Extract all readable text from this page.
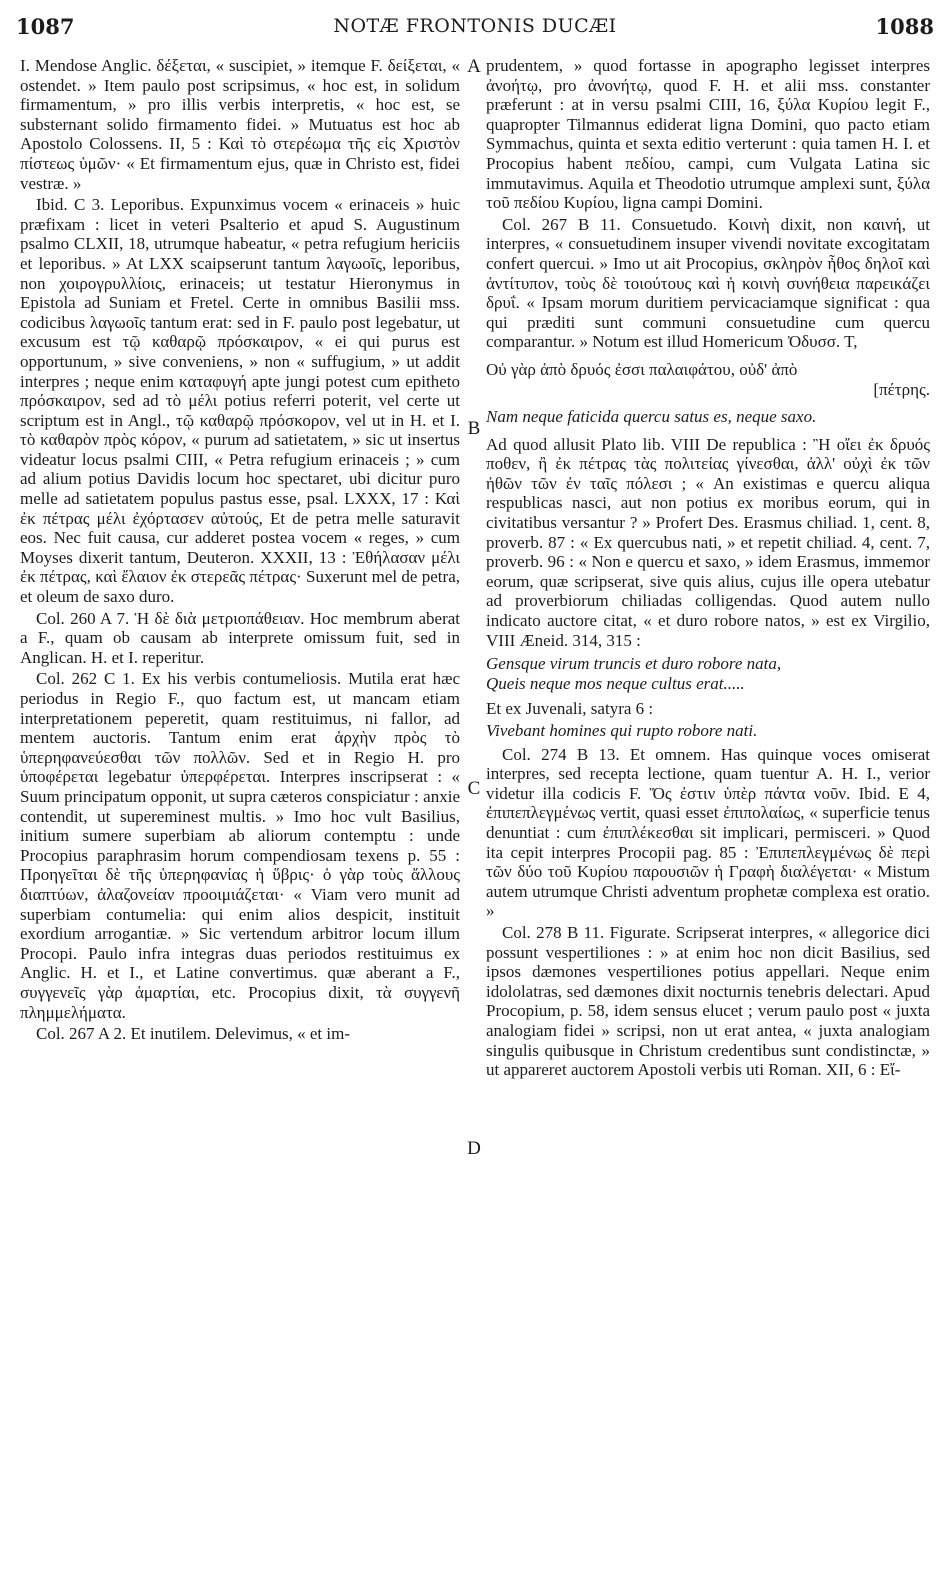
1087	NOTÆ FRONTONIS DUCÆI	1088

I. Mendose Anglic. δέξεται, « suscipiet, » itemque F. δείξεται, « ostendet. » Item paulo post scripsimus, « hoc est, in solidum firmamentum, » pro illis verbis interpretis, « hoc est, se substernant solido firmamento fidei. » Mutuatus est hoc ab Apostolo Colossens. II, 5 : Καὶ τὸ στερέωμα τῆς εἰς Χριστὸν πίστεως ὑμῶν· « Et firmamentum ejus, quæ in Christo est, fidei vestræ. »

Ibid. C 3. Leporibus. Expunximus vocem « erinaceis » huic præfixam : licet in veteri Psalterio et apud S. Augustinum psalmo CLXII, 18, utrumque habeatur, « petra refugium hericiis et leporibus. » At LXX scaipserunt tantum λαγωοῖς, leporibus, non χοιρογρυλλίοις, erinaceis; ut testatur Hieronymus in Epistola ad Suniam et Fretel. Certe in omnibus Basilii mss. codicibus λαγωοῖς tantum erat: sed in F. paulo post legebatur, ut excusum est τῷ καθαρῷ πρόσκαιρον, « ei qui purus est opportunum, » sive conveniens, » non « suffugium, » ut addit interpres ; neque enim καταφυγή apte jungi potest cum epitheto πρόσκαιρον, sed ad τὸ μέλι potius referri poterit, vel certe ut scriptum est in Angl., τῷ καθαρῷ πρόσκορον, vel ut in H. et I. τὸ καθαρὸν πρὸς κόρον, « purum ad satietatem, » sic ut insertus videatur locus psalmi CIII, « Petra refugium erinaceis ; » cum ad alium potius Davidis locum hoc spectaret, ubi dicitur puro melle ad satietatem populus pastus esse, psal. LXXX, 17 : Καὶ ἐκ πέτρας μέλι ἐχόρτασεν αὐτούς, Et de petra melle saturavit eos. Nec fuit causa, cur adderet postea vocem « reges, » cum Moyses dixerit tantum, Deuteron. XXXII, 13 : Ἐθήλασαν μέλι ἐκ πέτρας, καὶ ἔλαιον ἐκ στερεᾶς πέτρας· Suxerunt mel de petra, et oleum de saxo duro.

Col. 260 A 7. Ἡ δὲ διὰ μετριοπάθειαν. Hoc membrum aberat a F., quam ob causam ab interprete omissum fuit, sed in Anglican. H. et I. reperitur.

Col. 262 C 1. Ex his verbis contumeliosis. Mutila erat hæc periodus in Regio F., quo factum est, ut mancam etiam interpretationem peperetit, quam restituimus, ni fallor, ad mentem auctoris. Tantum enim erat ἀρχὴν πρὸς τὸ ὑπερηφανεύεσθαι τῶν πολλῶν. Sed et in Regio H. pro ὑποφέρεται legebatur ὑπερφέρεται. Interpres inscripserat : « Suum principatum opponit, ut supra cæteros conspiciatur : anxie contendit, ut supereminest multis. » Imo hoc vult Basilius, initium sumere superbiam ab aliorum contemptu : unde Procopius paraphrasim horum compendiosam texens p. 55 : Προηγεῖται δὲ τῆς ὑπερηφανίας ἡ ὕβρις· ὁ γὰρ τοὺς ἄλλους διαπτύων, ἀλαζονείαν προοιμιάζεται· « Viam vero munit ad superbiam contumelia: qui enim alios despicit, instituit exordium arrogantiæ. » Sic vertendum arbitror locum illum Procopi. Paulo infra integras duas periodos restituimus ex Anglic. H. et I., et Latine convertimus. quæ aberant a F., συγγενεῖς γὰρ ἁμαρτίαι, etc. Procopius dixit, τὰ συγγενῆ πλημμελήματα.

Col. 267 A 2. Et inutilem. Delevimus, « et im-

A
B
C
D

prudentem, » quod fortasse in apographo legisset interpres ἀνοήτῳ, pro ἀνονήτῳ, quod F. H. et alii mss. constanter præferunt : at in versu psalmi CIII, 16, ξύλα Κυρίου legit F., quapropter Tilmannus ediderat ligna Domini, quo pacto etiam Symmachus, quinta et sexta editio verterunt : quia tamen H. I. et Procopius habent πεδίου, campi, cum Vulgata Latina sic immutavimus. Aquila et Theodotio utrumque amplexi sunt, ξύλα τοῦ πεδίου Κυρίου, ligna campi Domini.

Col. 267 B 11. Consuetudo. Κοινὴ dixit, non καινή, ut interpres, « consuetudinem insuper vivendi novitate excogitatam confert quercui. » Imo ut ait Procopius, σκληρὸν ἦθος δηλοῖ καὶ ἀντίτυπον, τοὺς δὲ τοιούτους καὶ ἡ κοινὴ συνήθεια παρεικάζει δρυΐ. « Ipsam morum duritiem pervicaciamque significat : qua qui præditi sunt communi consuetudine cum quercu comparantur. » Notum est illud Homericum Ὀδυσσ. Τ,

Οὐ γὰρ ἀπὸ δρυός ἐσσι παλαιφάτου, οὐδ' ἀπὸ
[πέτρης.
Nam neque faticida quercu satus es, neque saxo.

Ad quod allusit Plato lib. VIII De republica : Ἢ οἴει ἐκ δρυός ποθεν, ἢ ἐκ πέτρας τὰς πολιτείας γίνεσθαι, ἀλλ' οὐχὶ ἐκ τῶν ἠθῶν τῶν ἐν ταῖς πόλεσι ; « An existimas e quercu aliqua respublicas nasci, aut non potius ex moribus eorum, qui in civitatibus versantur ? » Profert Des. Erasmus chiliad. 1, cent. 8, proverb. 87 : « Ex quercubus nati, » et repetit chiliad. 4, cent. 7, proverb. 96 : « Non e quercu et saxo, » idem Erasmus, immemor eorum, quæ scripserat, sive quis alius, cujus ille opera utebatur ad proverbiorum chiliadas colligendas. Quod autem nullo indicato auctore citat, « et duro robore natos, » est ex Virgilio, VIII Æneid. 314, 315 :

Gensque virum truncis et duro robore nata,
Queis neque mos neque cultus erat.....

Et ex Juvenali, satyra 6 :

Vivebant homines qui rupto robore nati.

Col. 274 B 13. Et omnem. Has quinque voces omiserat interpres, sed recepta lectione, quam tuentur A. H. I., verior videtur illa codicis F. Ὅς ἐστιν ὑπὲρ πάντα νοῦν. Ibid. E 4, ἐπιπεπλεγμένως vertit, quasi esset ἐπιπολαίως, « superficie tenus denuntiat : cum ἐπιπλέκεσθαι sit implicari, permisceri. » Quod ita cepit interpres Procopii pag. 85 : Ἐπιπεπλεγμένως δὲ περὶ τῶν δύο τοῦ Κυρίου παρουσιῶν ἡ Γραφὴ διαλέγεται· « Mistum autem utrumque Christi adventum prophetæ complexa est oratio. »

Col. 278 B 11. Figurate. Scripserat interpres, « allegorice dici possunt vespertiliones : » at enim hoc non dicit Basilius, sed ipsos dæmones vespertiliones potius appellari. Neque enim idololatras, sed dæmones dixit nocturnis tenebris delectari. Apud Procopium, p. 58, idem sensus elucet ; verum paulo post « juxta analogiam fidei » scripsi, non ut erat antea, « juxta analogiam singulis quibusque in Christum credentibus sunt condistinctæ, » ut appareret auctorem Apostoli verbis uti Roman. XII, 6 : Εἴ-
